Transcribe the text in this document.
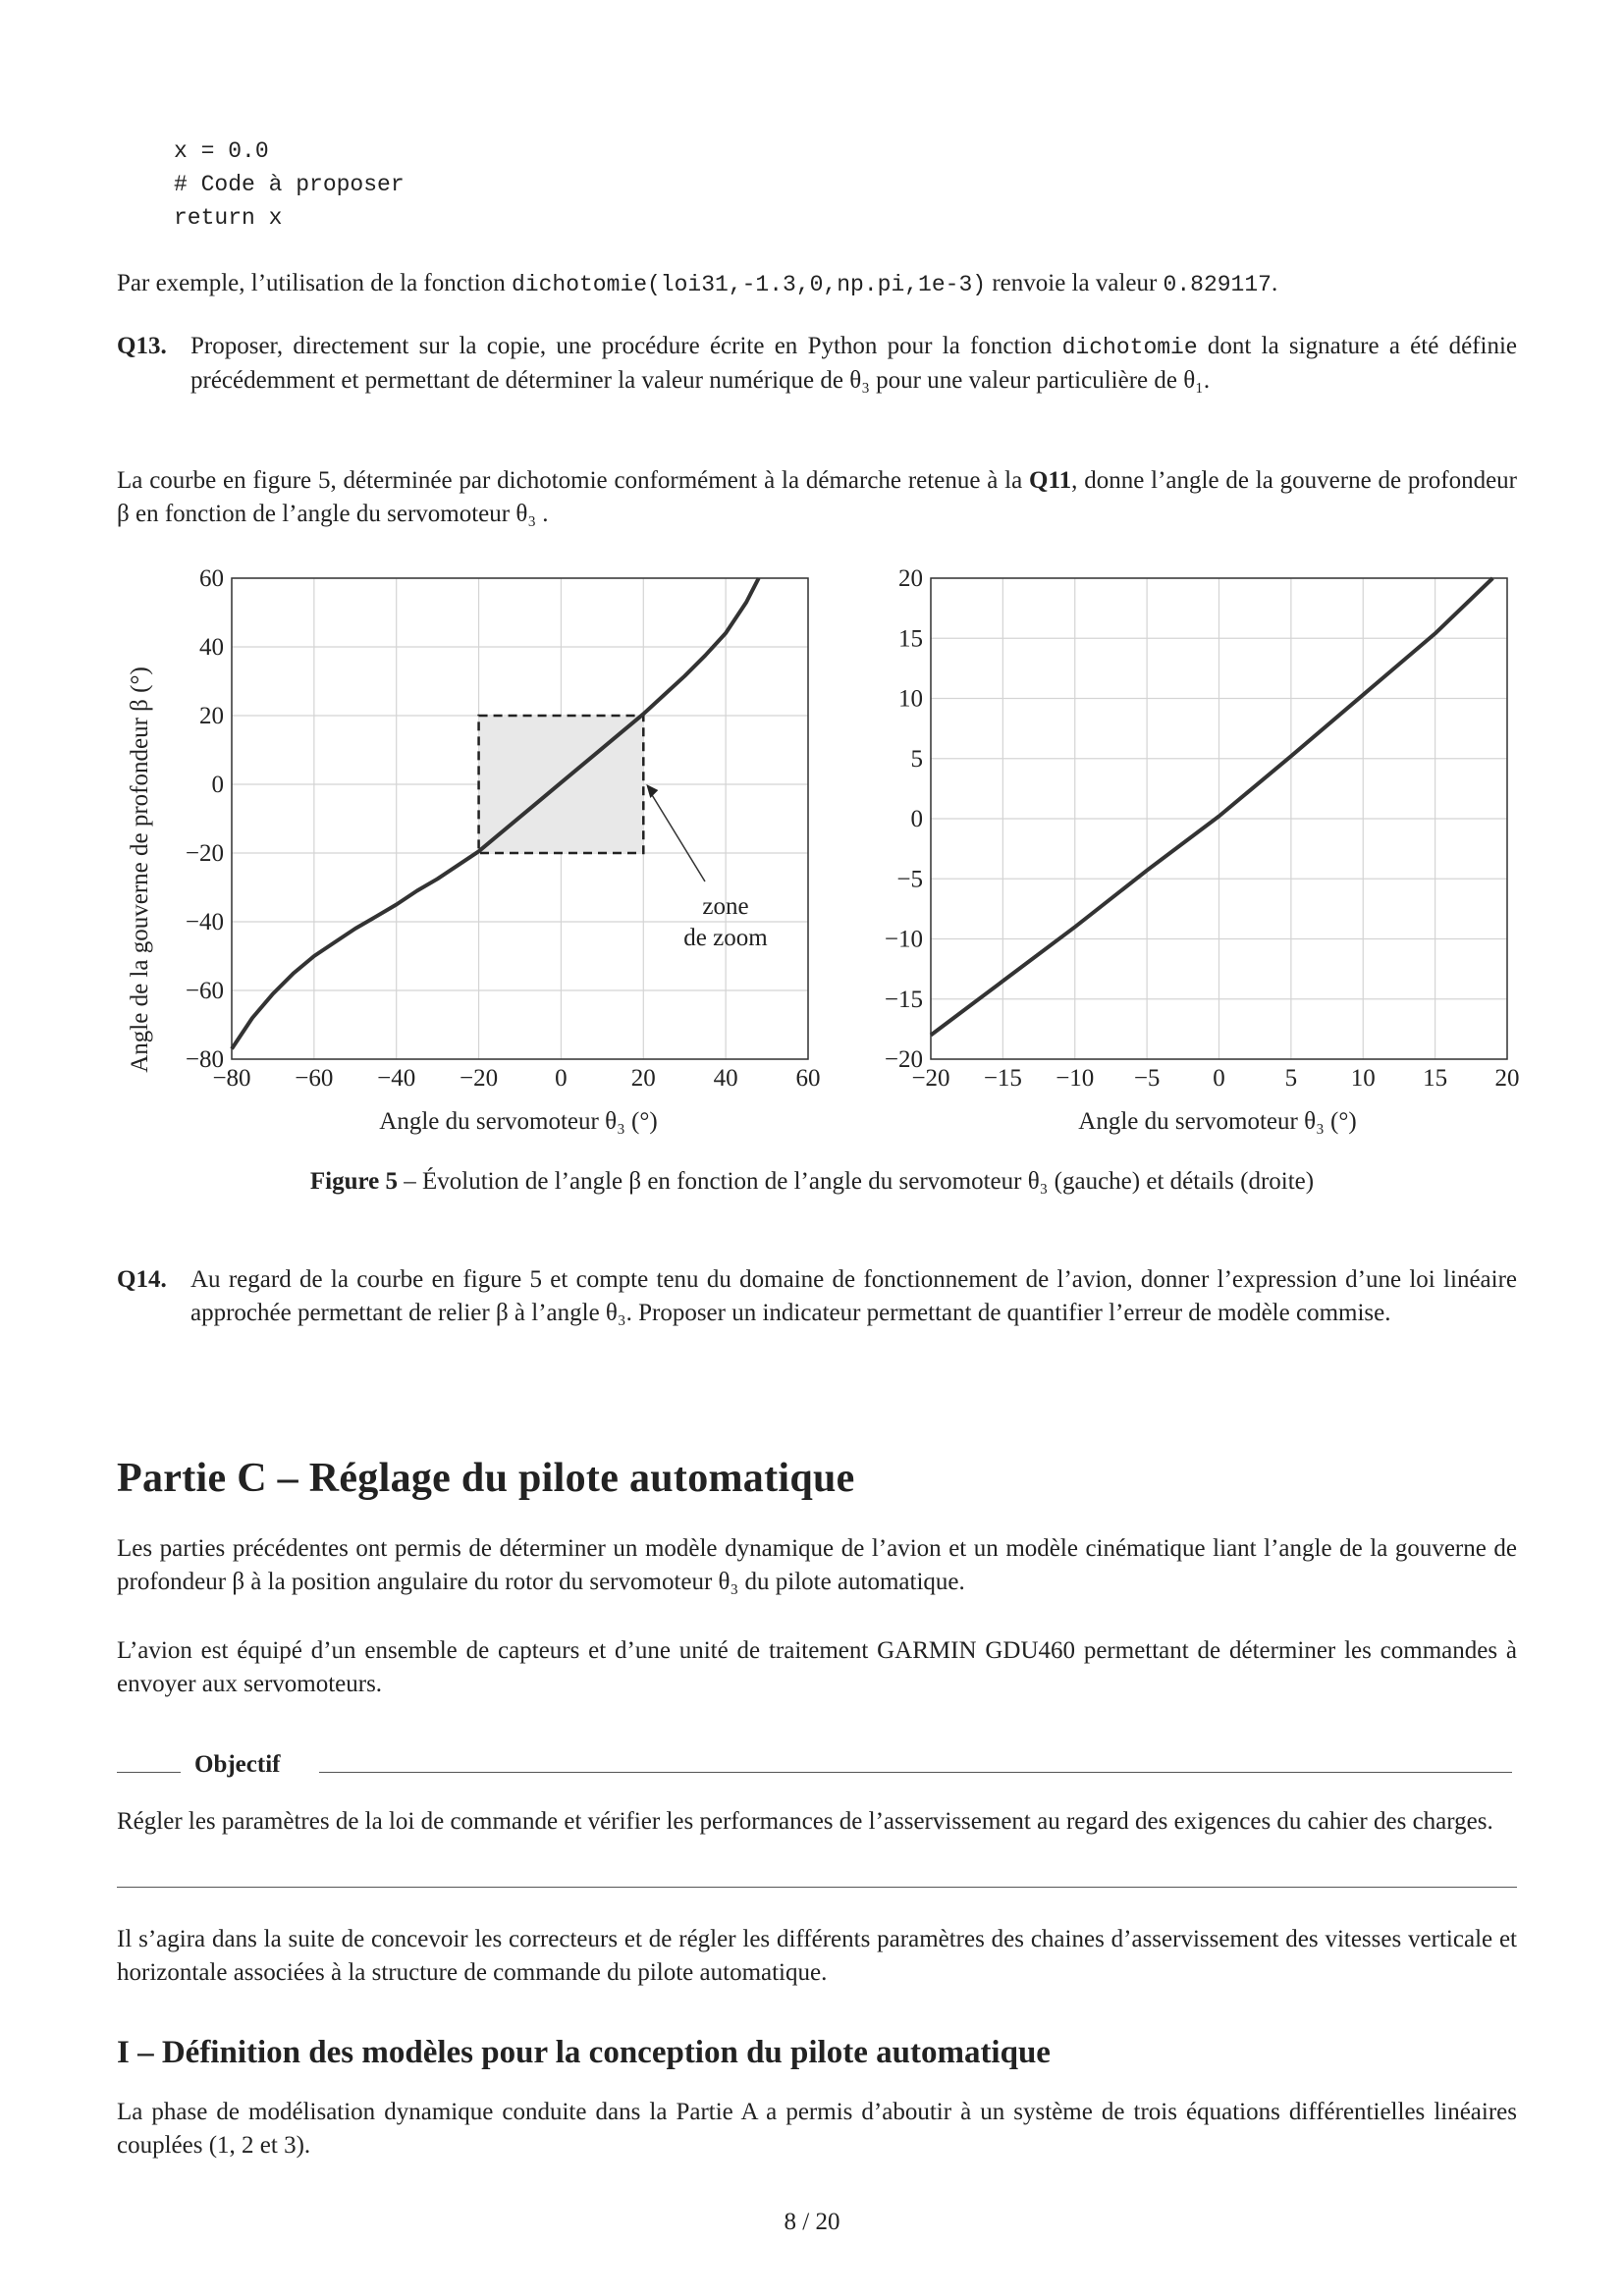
x = 0.0
# Code à proposer
return x
Par exemple, l’utilisation de la fonction dichotomie(loi31,-1.3,0,np.pi,1e-3) renvoie la valeur 0.829117.
Q13. Proposer, directement sur la copie, une procédure écrite en Python pour la fonction dichotomie dont la signature a été définie précédemment et permettant de déterminer la valeur numérique de θ₃ pour une valeur particulière de θ₁.
La courbe en figure 5, déterminée par dichotomie conformément à la démarche retenue à la Q11, donne l’angle de la gouverne de profondeur β en fonction de l’angle du servomoteur θ₃ .
−80 −60 −40 −20 0	20 40 60
60
40
20
0
−20
−40
−60
−80
zone
de zoom
−20 −15 −10 −5 0 5 10 15 20
20
15
10
5
0
−5
−10
−15
−20
Angle de la gouverne de profondeur β (°)
Angle du servomoteur θ₃ (°)	Angle du servomoteur θ₃ (°)
Figure 5 – Évolution de l’angle β en fonction de l’angle du servomoteur θ₃ (gauche) et détails (droite)
Q14. Au regard de la courbe en figure 5 et compte tenu du domaine de fonctionnement de l’avion, donner l’expression d’une loi linéaire approchée permettant de relier β à l’angle θ₃. Proposer un indicateur permettant de quantifier l’erreur de modèle commise.
Partie C – Réglage du pilote automatique
Les parties précédentes ont permis de déterminer un modèle dynamique de l’avion et un modèle cinématique liant l’angle de la gouverne de profondeur β à la position angulaire du rotor du servomoteur θ₃ du pilote automatique.
L’avion est équipé d’un ensemble de capteurs et d’une unité de traitement GARMIN GDU460 permettant de déterminer les commandes à envoyer aux servomoteurs.
Objectif
Régler les paramètres de la loi de commande et vérifier les performances de l’asservissement au regard des exigences du cahier des charges.
Il s’agira dans la suite de concevoir les correcteurs et de régler les différents paramètres des chaines d’asservissement des vitesses verticale et horizontale associées à la structure de commande du pilote automatique.
I – Définition des modèles pour la conception du pilote automatique
La phase de modélisation dynamique conduite dans la Partie A a permis d’aboutir à un système de trois équations différentielles linéaires couplées (1, 2 et 3).
8 / 20
